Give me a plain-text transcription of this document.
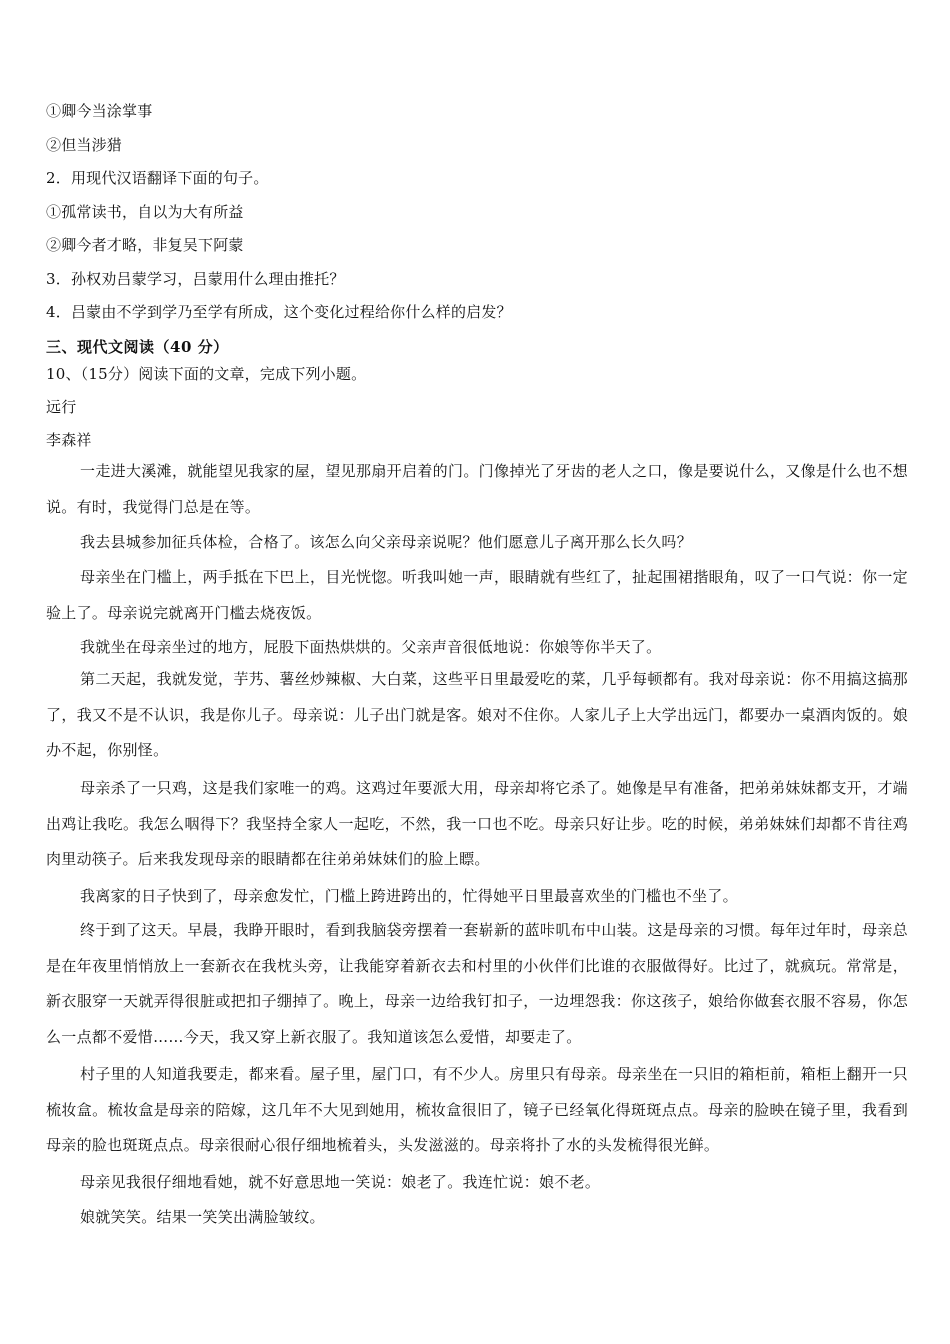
①卿今当涂掌事
②但当涉猎
2．用现代汉语翻译下面的句子。
①孤常读书，自以为大有所益
②卿今者才略，非复吴下阿蒙
3．孙权劝吕蒙学习，吕蒙用什么理由推托？
4．吕蒙由不学到学乃至学有所成，这个变化过程给你什么样的启发？
三、现代文阅读（40 分）
10、（15分）阅读下面的文章，完成下列小题。
远行
李森祥
一走进大溪滩，就能望见我家的屋，望见那扇开启着的门。门像掉光了牙齿的老人之口，像是要说什么，又像是什么也不想说。有时，我觉得门总是在等。
我去县城参加征兵体检，合格了。该怎么向父亲母亲说呢？他们愿意儿子离开那么长久吗？
母亲坐在门槛上，两手抵在下巴上，目光恍惚。听我叫她一声，眼睛就有些红了，扯起围裙揩眼角，叹了一口气说：你一定验上了。母亲说完就离开门槛去烧夜饭。
我就坐在母亲坐过的地方，屁股下面热烘烘的。父亲声音很低地说：你娘等你半天了。
第二天起，我就发觉，芋艿、薯丝炒辣椒、大白菜，这些平日里最爱吃的菜，几乎每顿都有。我对母亲说：你不用搞这搞那了，我又不是不认识，我是你儿子。母亲说：儿子出门就是客。娘对不住你。人家儿子上大学出远门，都要办一桌酒肉饭的。娘办不起，你别怪。
母亲杀了一只鸡，这是我们家唯一的鸡。这鸡过年要派大用，母亲却将它杀了。她像是早有准备，把弟弟妹妹都支开，才端出鸡让我吃。我怎么咽得下？我坚持全家人一起吃，不然，我一口也不吃。母亲只好让步。吃的时候，弟弟妹妹们却都不肯往鸡肉里动筷子。后来我发现母亲的眼睛都在往弟弟妹妹们的脸上瞟。
我离家的日子快到了，母亲愈发忙，门槛上跨进跨出的，忙得她平日里最喜欢坐的门槛也不坐了。
终于到了这天。早晨，我睁开眼时，看到我脑袋旁摆着一套崭新的蓝咔叽布中山装。这是母亲的习惯。每年过年时，母亲总是在年夜里悄悄放上一套新衣在我枕头旁，让我能穿着新衣去和村里的小伙伴们比谁的衣服做得好。比过了，就疯玩。常常是，新衣服穿一天就弄得很脏或把扣子绷掉了。晚上，母亲一边给我钉扣子，一边埋怨我：你这孩子，娘给你做套衣服不容易，你怎么一点都不爱惜……今天，我又穿上新衣服了。我知道该怎么爱惜，却要走了。
村子里的人知道我要走，都来看。屋子里，屋门口，有不少人。房里只有母亲。母亲坐在一只旧的箱柜前，箱柜上翻开一只梳妆盒。梳妆盒是母亲的陪嫁，这几年不大见到她用，梳妆盒很旧了，镜子已经氧化得斑斑点点。母亲的脸映在镜子里，我看到母亲的脸也斑斑点点。母亲很耐心很仔细地梳着头，头发滋滋的。母亲将扑了水的头发梳得很光鲜。
母亲见我很仔细地看她，就不好意思地一笑说：娘老了。我连忙说：娘不老。
娘就笑笑。结果一笑笑出满脸皱纹。
